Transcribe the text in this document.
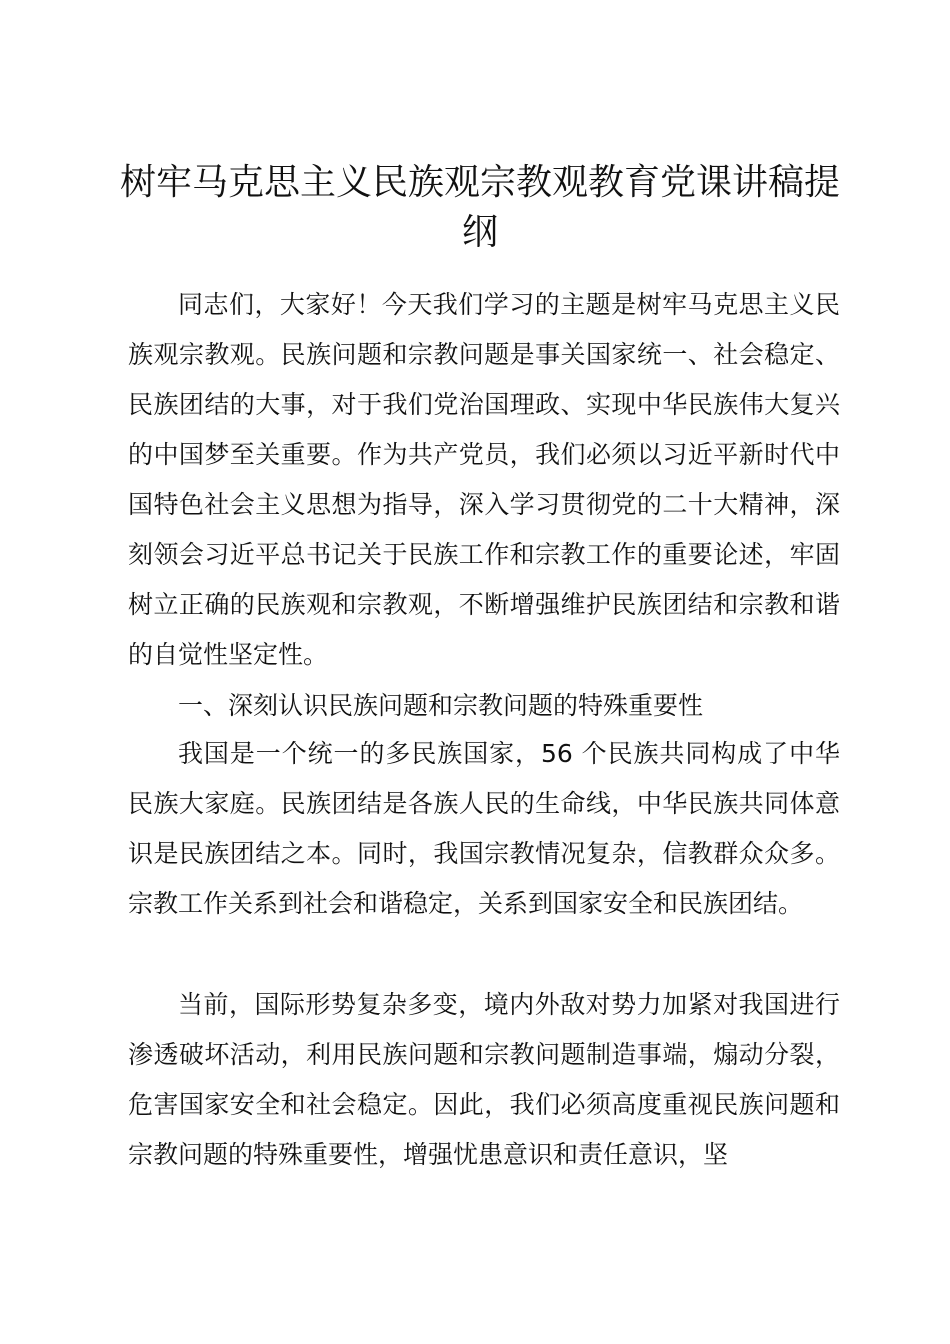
树牢马克思主义民族观宗教观教育党课讲稿提纲

同志们，大家好！今天我们学习的主题是树牢马克思主义民族观宗教观。民族问题和宗教问题是事关国家统一、社会稳定、民族团结的大事，对于我们党治国理政、实现中华民族伟大复兴的中国梦至关重要。作为共产党员，我们必须以习近平新时代中国特色社会主义思想为指导，深入学习贯彻党的二十大精神，深刻领会习近平总书记关于民族工作和宗教工作的重要论述，牢固树立正确的民族观和宗教观，不断增强维护民族团结和宗教和谐的自觉性坚定性。

一、深刻认识民族问题和宗教问题的特殊重要性

我国是一个统一的多民族国家，56 个民族共同构成了中华民族大家庭。民族团结是各族人民的生命线，中华民族共同体意识是民族团结之本。同时，我国宗教情况复杂，信教群众众多。宗教工作关系到社会和谐稳定，关系到国家安全和民族团结。

当前，国际形势复杂多变，境内外敌对势力加紧对我国进行渗透破坏活动，利用民族问题和宗教问题制造事端，煽动分裂，危害国家安全和社会稳定。因此，我们必须高度重视民族问题和宗教问题的特殊重要性，增强忧患意识和责任意识，坚
